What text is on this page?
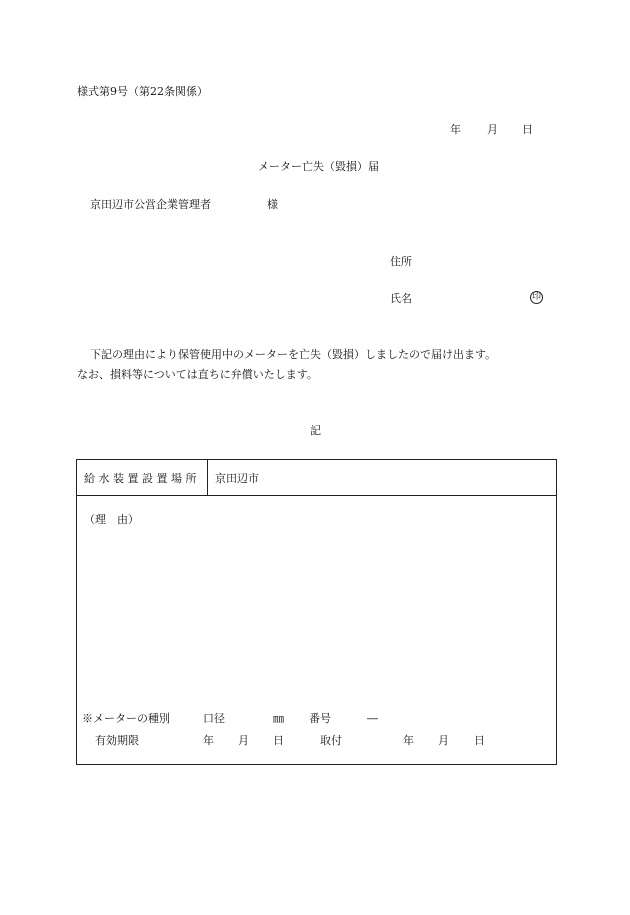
様式第9号（第22条関係）
年 月 日
メーター亡失（毀損）届
京田辺市公営企業管理者	様
住所
氏名	印
下記の理由により保管使用中のメーターを亡失（毀損）しましたので届け出ます。
なお、損料等については直ちに弁償いたします。
記
給水装置設置場所	京田辺市
（理　由）
※メーターの種別	口径	㎜ 番号	―
有効期限	年 月 日	取付	年 月 日
